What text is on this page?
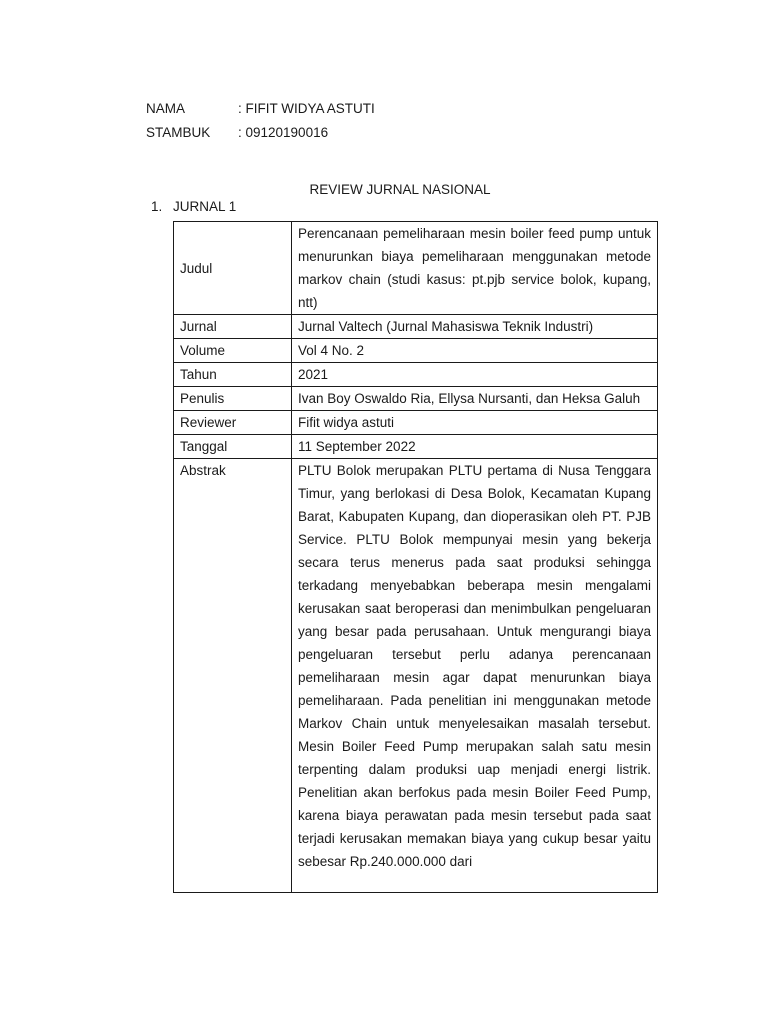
NAMA	: FIFIT WIDYA ASTUTI
STAMBUK : 09120190016
REVIEW JURNAL NASIONAL
1. JURNAL 1
Judul	Perencanaan pemeliharaan mesin boiler feed pump untuk menurunkan biaya pemeliharaan menggunakan metode markov chain (studi kasus: pt.pjb service bolok, kupang, ntt)
Jurnal	Jurnal Valtech (Jurnal Mahasiswa Teknik Industri)
Volume	Vol 4 No. 2
Tahun	2021
Penulis	Ivan Boy Oswaldo Ria, Ellysa Nursanti, dan Heksa Galuh
Reviewer	Fifit widya astuti
Tanggal	11 September 2022
Abstrak	PLTU Bolok merupakan PLTU pertama di Nusa Tenggara Timur, yang berlokasi di Desa Bolok, Kecamatan Kupang Barat, Kabupaten Kupang, dan dioperasikan oleh PT. PJB Service. PLTU Bolok mempunyai mesin yang bekerja secara terus menerus pada saat produksi sehingga terkadang menyebabkan beberapa mesin mengalami kerusakan saat beroperasi dan menimbulkan pengeluaran yang besar pada perusahaan. Untuk mengurangi biaya pengeluaran tersebut perlu adanya perencanaan pemeliharaan mesin agar dapat menurunkan biaya pemeliharaan. Pada penelitian ini menggunakan metode Markov Chain untuk menyelesaikan masalah tersebut. Mesin Boiler Feed Pump merupakan salah satu mesin terpenting dalam produksi uap menjadi energi listrik. Penelitian akan berfokus pada mesin Boiler Feed Pump, karena biaya perawatan pada mesin tersebut pada saat terjadi kerusakan memakan biaya yang cukup besar yaitu sebesar Rp.240.000.000 dari
